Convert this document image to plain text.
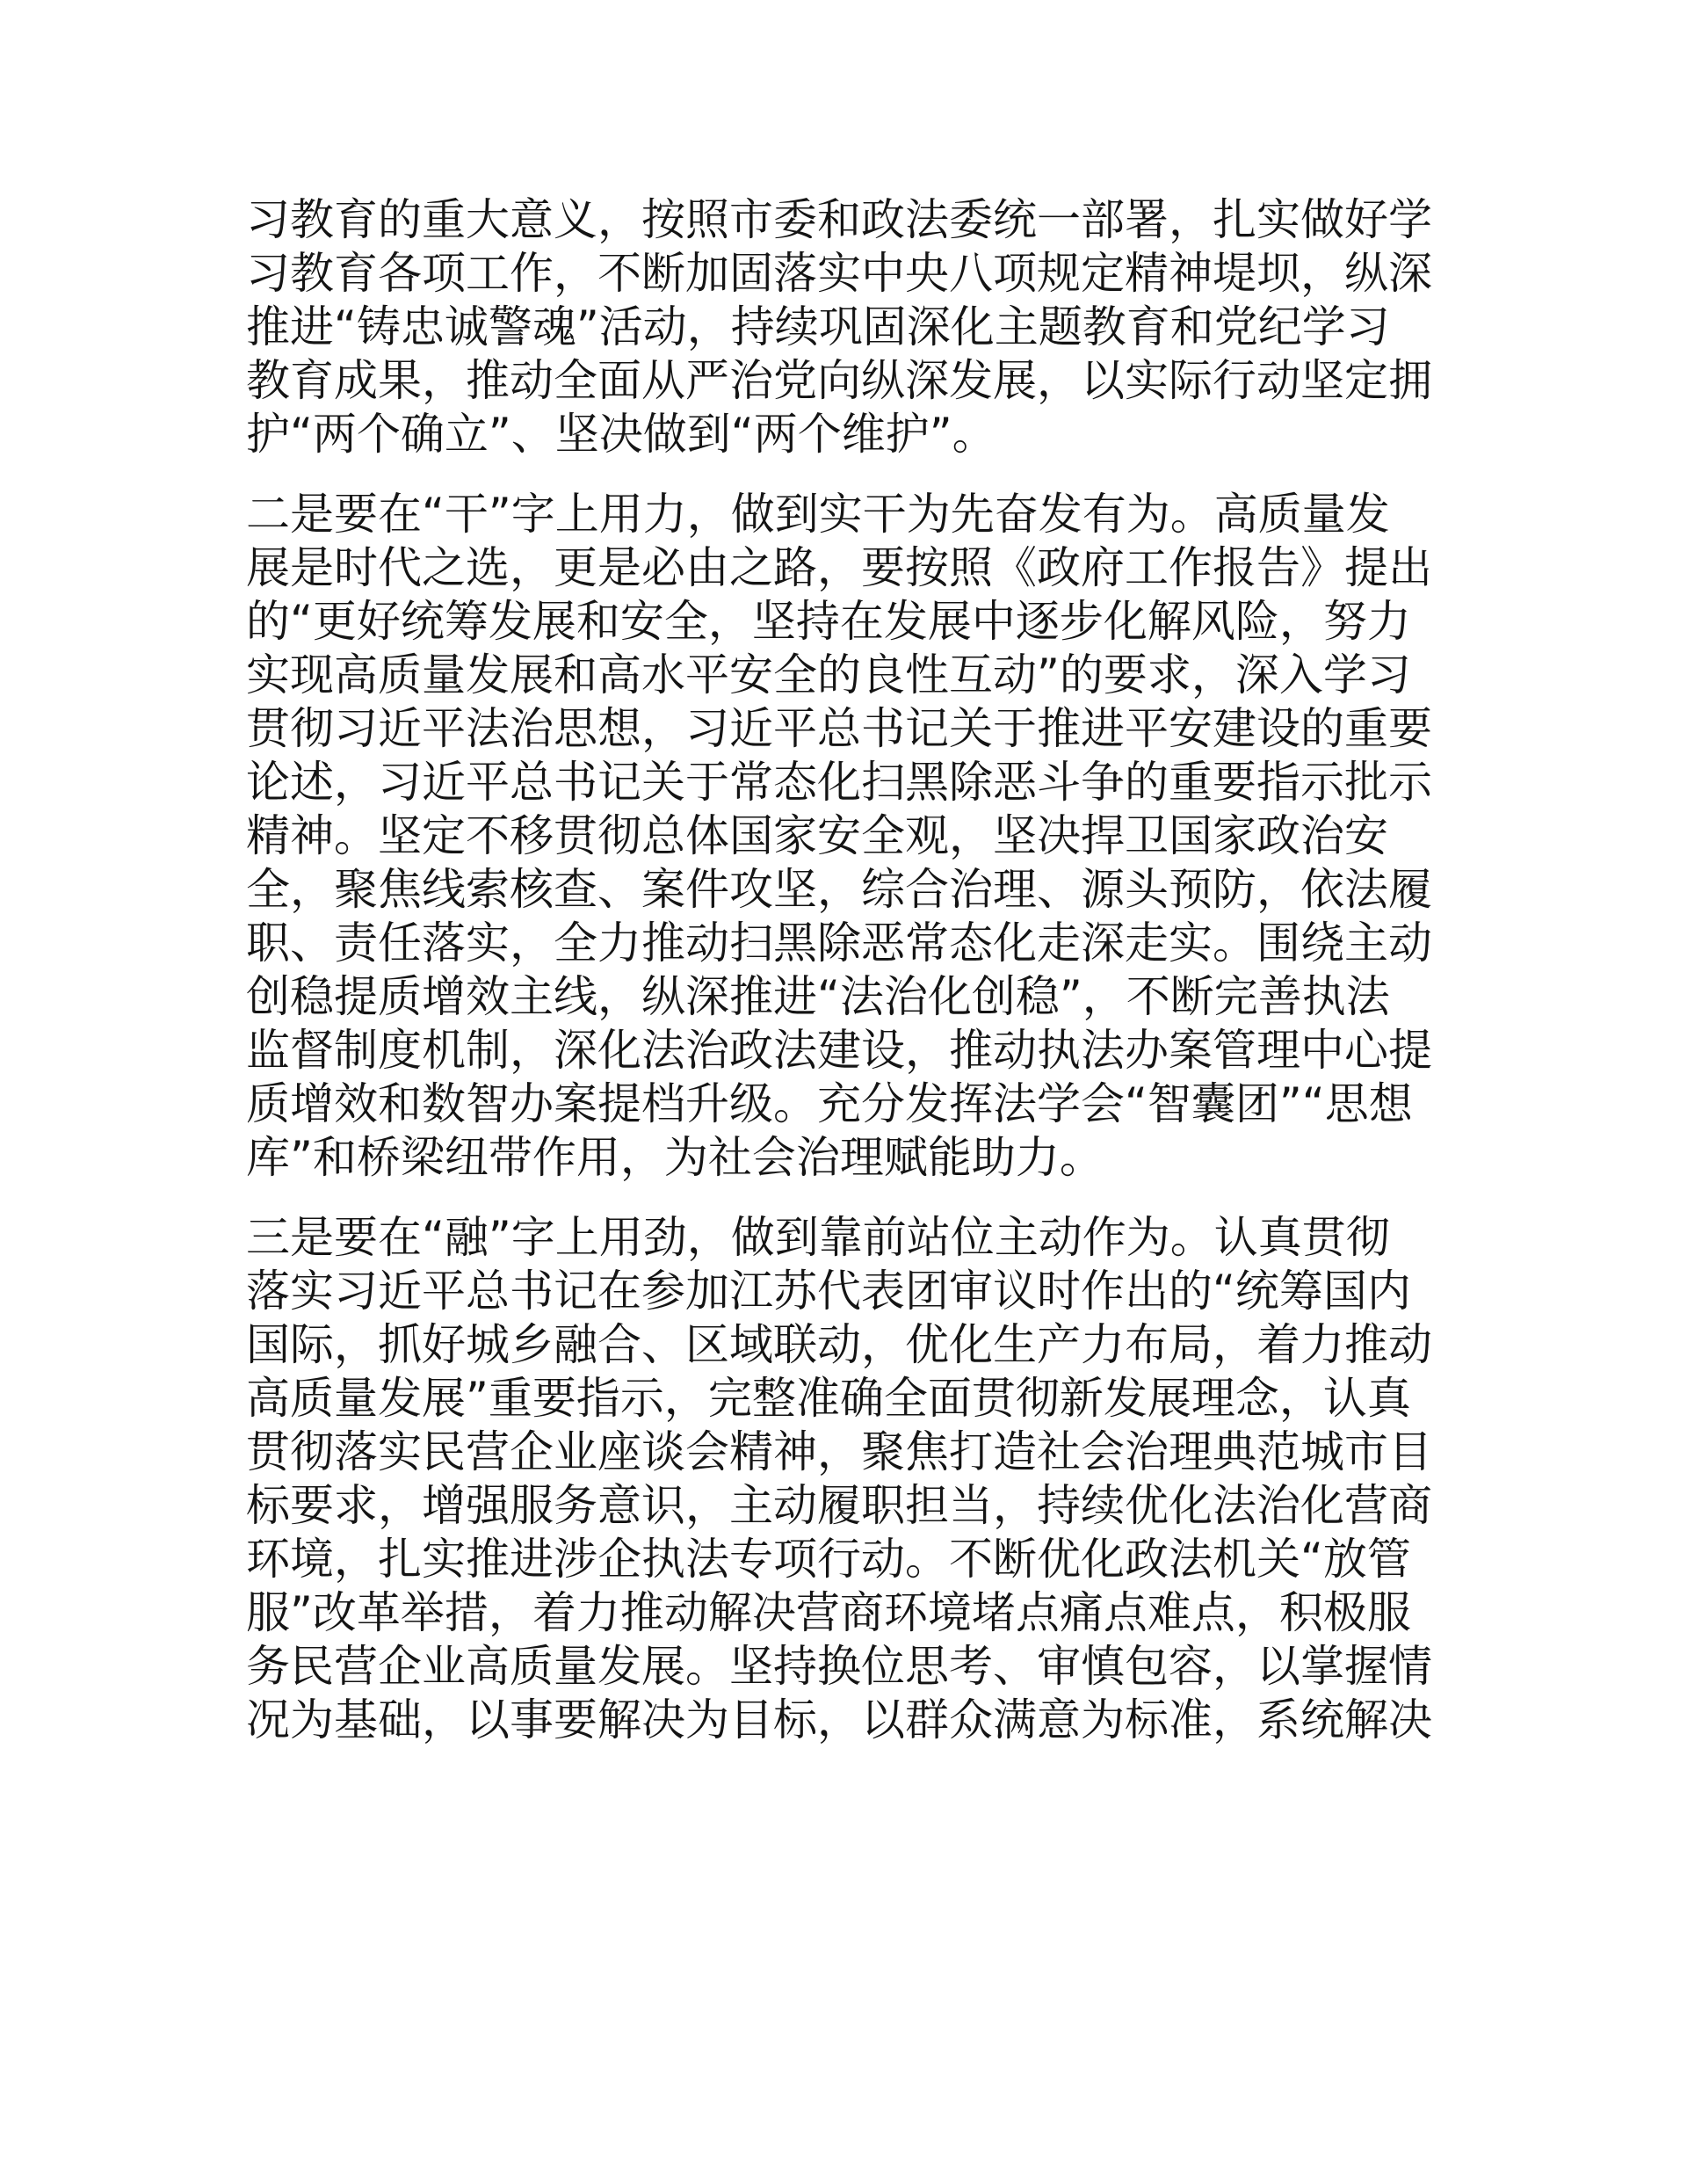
习教育的重大意义，按照市委和政法委统一部署，扎实做好学
习教育各项工作，不断加固落实中央八项规定精神堤坝，纵深
推进“铸忠诚警魂”活动，持续巩固深化主题教育和党纪学习
教育成果，推动全面从严治党向纵深发展，以实际行动坚定拥
护“两个确立”、坚决做到“两个维护”。
二是要在“干”字上用力，做到实干为先奋发有为。高质量发
展是时代之选，更是必由之路，要按照《政府工作报告》提出
的“更好统筹发展和安全，坚持在发展中逐步化解风险，努力
实现高质量发展和高水平安全的良性互动”的要求，深入学习
贯彻习近平法治思想，习近平总书记关于推进平安建设的重要
论述，习近平总书记关于常态化扫黑除恶斗争的重要指示批示
精神。坚定不移贯彻总体国家安全观，坚决捍卫国家政治安
全，聚焦线索核查、案件攻坚，综合治理、源头预防，依法履
职、责任落实，全力推动扫黑除恶常态化走深走实。围绕主动
创稳提质增效主线，纵深推进“法治化创稳”，不断完善执法
监督制度机制，深化法治政法建设，推动执法办案管理中心提
质增效和数智办案提档升级。充分发挥法学会“智囊团”“思想
库”和桥梁纽带作用，为社会治理赋能助力。
三是要在“融”字上用劲，做到靠前站位主动作为。认真贯彻
落实习近平总书记在参加江苏代表团审议时作出的“统筹国内
国际，抓好城乡融合、区域联动，优化生产力布局，着力推动
高质量发展”重要指示，完整准确全面贯彻新发展理念，认真
贯彻落实民营企业座谈会精神，聚焦打造社会治理典范城市目
标要求，增强服务意识，主动履职担当，持续优化法治化营商
环境，扎实推进涉企执法专项行动。不断优化政法机关“放管
服”改革举措，着力推动解决营商环境堵点痛点难点，积极服
务民营企业高质量发展。坚持换位思考、审慎包容，以掌握情
况为基础，以事要解决为目标，以群众满意为标准，系统解决
